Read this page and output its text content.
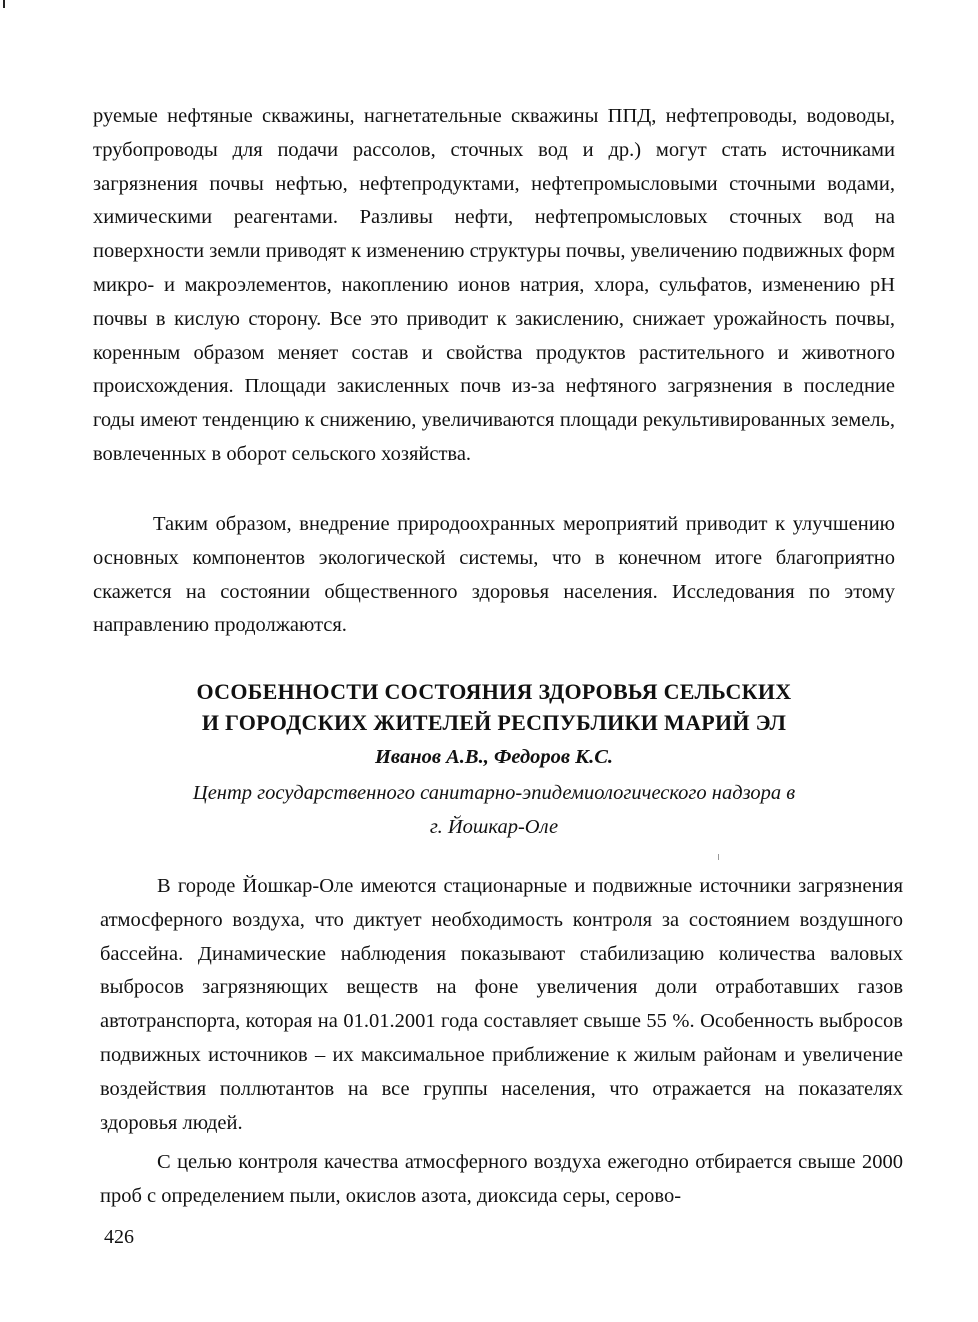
руемые нефтяные скважины, нагнетательные скважины ППД, нефтепроводы, водоводы, трубопроводы для подачи рассолов, сточных вод и др.) могут стать источниками загрязнения почвы нефтью, нефтепродуктами, нефтепромысловыми сточными водами, химическими реагентами. Разливы нефти, нефтепромысловых сточных вод на поверхности земли приводят к изменению структуры почвы, увеличению подвижных форм микро- и макроэлементов, накоплению ионов натрия, хлора, сульфатов, изменению pH почвы в кислую сторону. Все это приводит к закислению, снижает урожайность почвы, коренным образом меняет состав и свойства продуктов растительного и животного происхождения. Площади закисленных почв из-за нефтяного загрязнения в последние годы имеют тенденцию к снижению, увеличиваются площади рекультивированных земель, вовлеченных в оборот сельского хозяйства.

Таким образом, внедрение природоохранных мероприятий приводит к улучшению основных компонентов экологической системы, что в конечном итоге благоприятно скажется на состоянии общественного здоровья населения. Исследования по этому направлению продолжаются.

ОСОБЕННОСТИ СОСТОЯНИЯ ЗДОРОВЬЯ СЕЛЬСКИХ
И ГОРОДСКИХ ЖИТЕЛЕЙ РЕСПУБЛИКИ МАРИЙ ЭЛ

Иванов А.В., Федоров К.С.

Центр государственного санитарно-эпидемиологического надзора в
г. Йошкар-Оле

В городе Йошкар-Оле имеются стационарные и подвижные источники загрязнения атмосферного воздуха, что диктует необходимость контроля за состоянием воздушного бассейна. Динамические наблюдения показывают стабилизацию количества валовых выбросов загрязняющих веществ на фоне увеличения доли отработавших газов автотранспорта, которая на 01.01.2001 года составляет свыше 55 %. Особенность выбросов подвижных источников – их максимальное приближение к жилым районам и увеличение воздействия поллютантов на все группы населения, что отражается на показателях здоровья людей.

С целью контроля качества атмосферного воздуха ежегодно отбирается свыше 2000 проб с определением пыли, окислов азота, диоксида серы, серово-

426
